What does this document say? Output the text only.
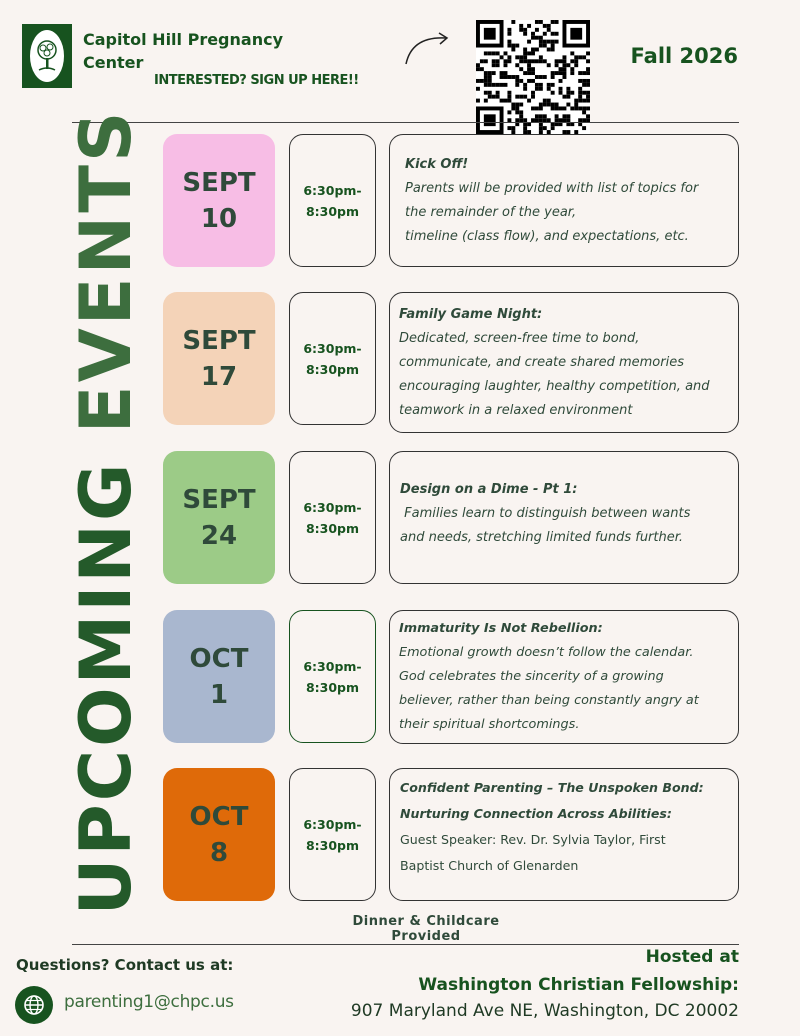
Capitol Hill Pregnancy Center
INTERESTED? SIGN UP HERE!!
Fall 2026
UPCOMING EVENTS SEPT
10
6:30pm-
8:30pm
Kick Off!
Parents will be provided with list of topics for
the remainder of the year,
timeline (class flow), and expectations, etc.
SEPT
17
6:30pm-
8:30pm
Family Game Night:
Dedicated, screen-free time to bond,
communicate, and create shared memories
encouraging laughter, healthy competition, and
teamwork in a relaxed environment
SEPT
24
6:30pm-
8:30pm
Design on a Dime - Pt 1:
Families learn to distinguish between wants
and needs, stretching limited funds further.
OCT
1
6:30pm-
8:30pm
Immaturity Is Not Rebellion:
Emotional growth doesn’t follow the calendar.
God celebrates the sincerity of a growing
believer, rather than being constantly angry at
their spiritual shortcomings.
OCT
8
6:30pm-
8:30pm
Confident Parenting – The Unspoken Bond:
Nurturing Connection Across Abilities:
Guest Speaker: Rev. Dr. Sylvia Taylor, First
Baptist Church of Glenarden
Dinner & Childcare
Provided
Questions? Contact us at:
parenting1@chpc.us
Hosted at
Washington Christian Fellowship:
907 Maryland Ave NE, Washington, DC 20002
